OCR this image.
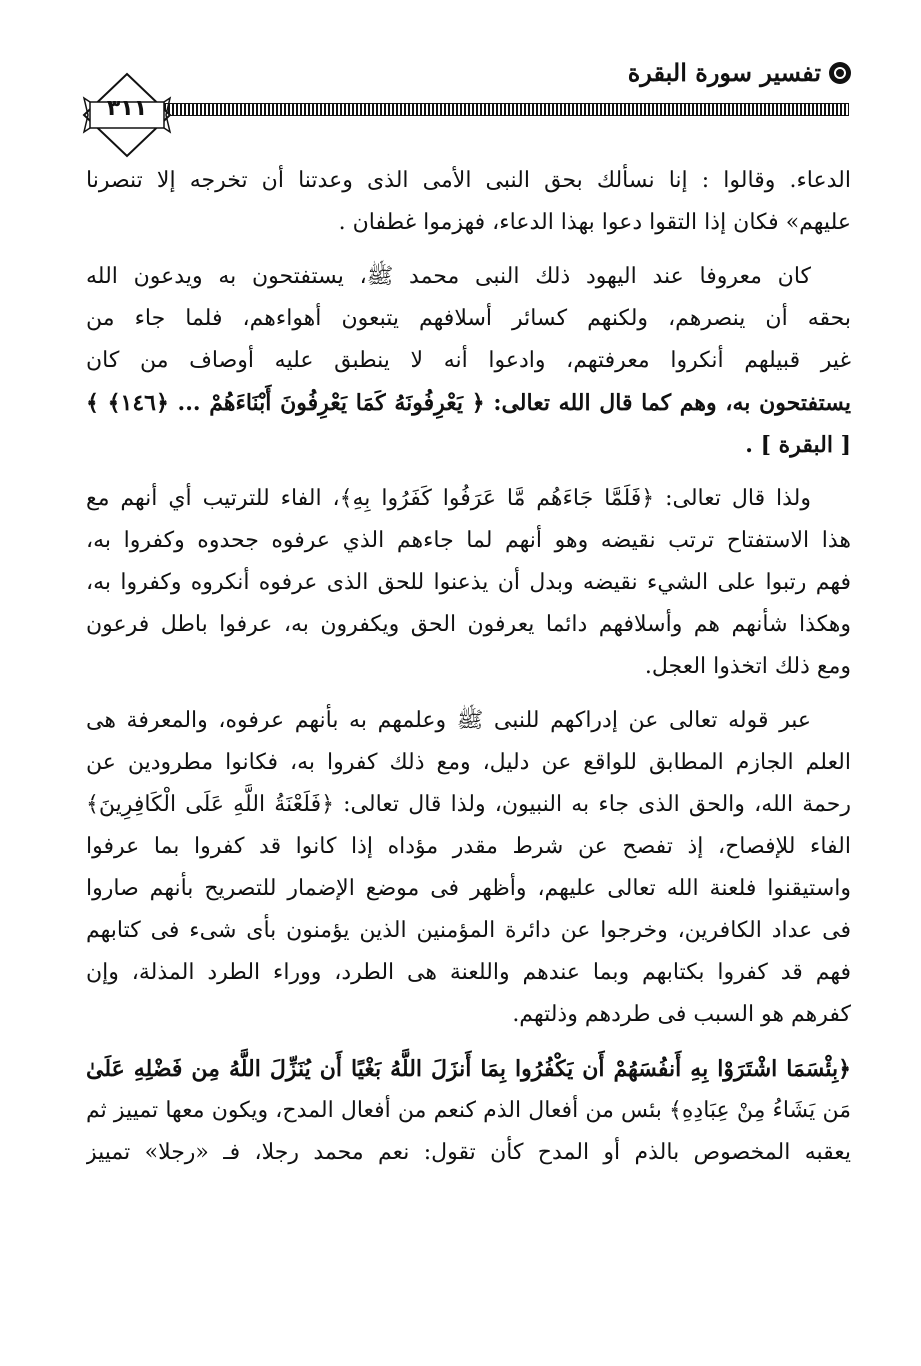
تفسير سورة البقرة
٣١١
الدعاء. وقالوا : إنا نسألك بحق النبى الأمى الذى وعدتنا أن تخرجه إلا تنصرنا
عليهم» فكان إذا التقوا دعوا بهذا الدعاء، فهزموا غطفان .
كان معروفا عند اليهود ذلك النبى محمد ﷺ، يستفتحون به ويدعون الله
بحقه أن ينصرهم، ولكنهم كسائر أسلافهم يتبعون أهواءهم، فلما جاء من
غير قبيلهم أنكروا معرفتهم، وادعوا أنه لا ينطبق عليه أوصاف من كان
يستفتحون به، وهم كما قال الله تعالى: ﴿ يَعْرِفُونَهُ كَمَا يَعْرِفُونَ أَبْنَاءَهُمْ ... ﴿١٤٦﴾ ﴾
[ البقرة ] .
ولذا قال تعالى: ﴿فَلَمَّا جَاءَهُم مَّا عَرَفُوا كَفَرُوا بِهِ﴾، الفاء للترتيب أي أنهم مع
هذا الاستفتاح ترتب نقيضه وهو أنهم لما جاءهم الذي عرفوه جحدوه وكفروا به،
فهم رتبوا على الشيء نقيضه وبدل أن يذعنوا للحق الذى عرفوه أنكروه وكفروا به،
وهكذا شأنهم هم وأسلافهم دائما يعرفون الحق ويكفرون به، عرفوا باطل فرعون
ومع ذلك اتخذوا العجل.
عبر قوله تعالى عن إدراكهم للنبى ﷺ وعلمهم به بأنهم عرفوه، والمعرفة هى
العلم الجازم المطابق للواقع عن دليل، ومع ذلك كفروا به، فكانوا مطرودين عن
رحمة الله، والحق الذى جاء به النبيون، ولذا قال تعالى: ﴿فَلَعْنَةُ اللَّهِ عَلَى الْكَافِرِينَ﴾
الفاء للإفصاح، إذ تفصح عن شرط مقدر مؤداه إذا كانوا قد كفروا بما عرفوا
واستيقنوا فلعنة الله تعالى عليهم، وأظهر فى موضع الإضمار للتصريح بأنهم صاروا
فى عداد الكافرين، وخرجوا عن دائرة المؤمنين الذين يؤمنون بأى شىء فى كتابهم
فهم قد كفروا بكتابهم وبما عندهم واللعنة هى الطرد، ووراء الطرد المذلة، وإن
كفرهم هو السبب فى طردهم وذلتهم.
﴿بِئْسَمَا اشْتَرَوْا بِهِ أَنفُسَهُمْ أَن يَكْفُرُوا بِمَا أَنزَلَ اللَّهُ بَغْيًا أَن يُنَزِّلَ اللَّهُ مِن فَضْلِهِ عَلَىٰ
مَن يَشَاءُ مِنْ عِبَادِهِ﴾ بئس من أفعال الذم كنعم من أفعال المدح، ويكون معها تمييز ثم
يعقبه المخصوص بالذم أو المدح كأن تقول: نعم محمد رجلا، فـ «رجلا» تمييز
